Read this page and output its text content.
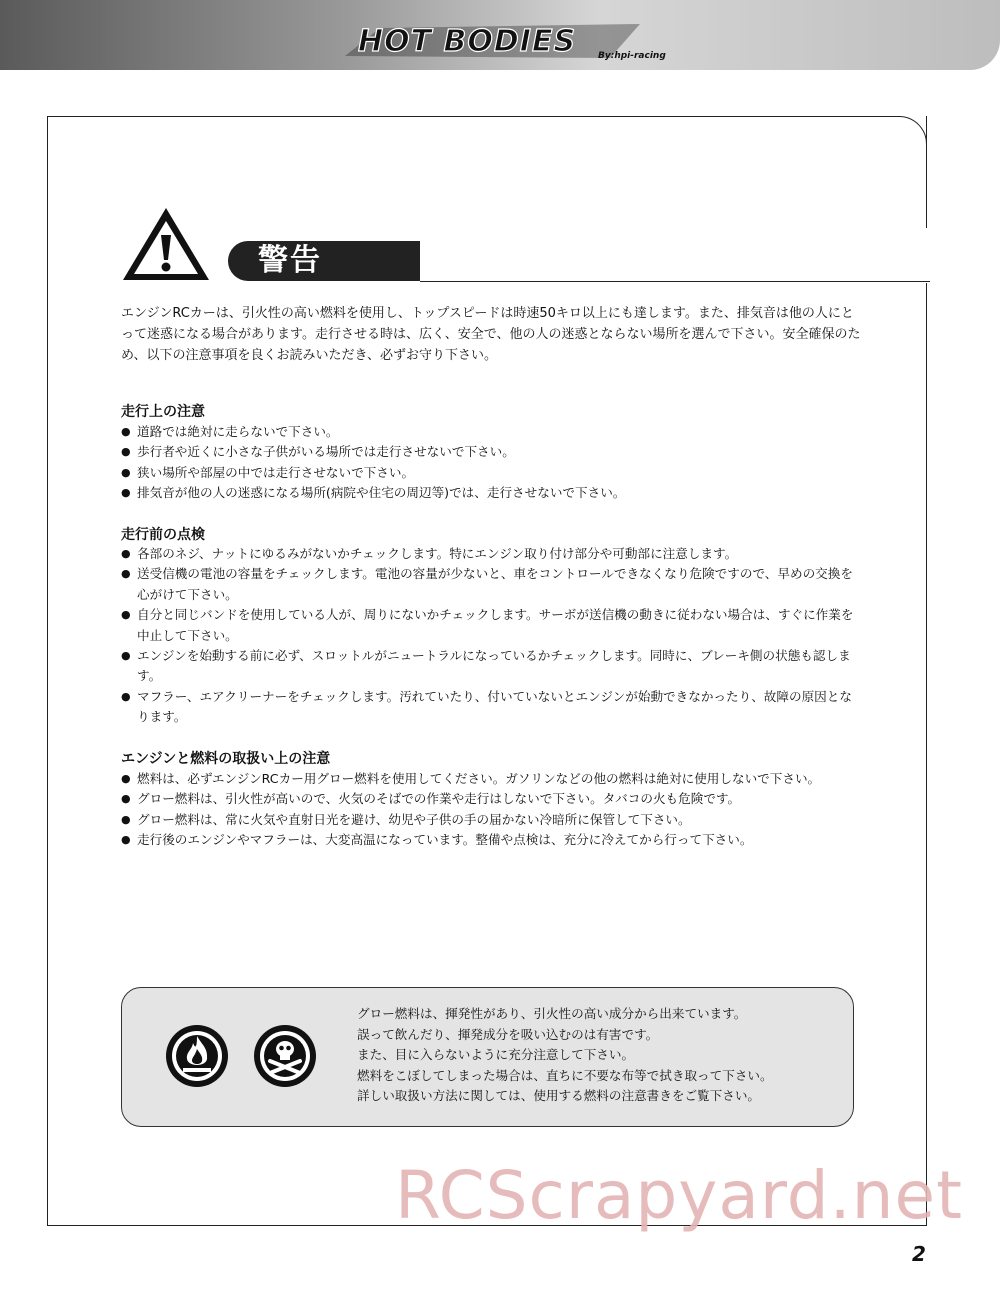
HOT BODIES By:hpi-racing
警告
エンジンRCカーは、引火性の高い燃料を使用し、トップスピードは時速50キロ以上にも達します。また、排気音は他の人にとって迷惑になる場合があります。走行させる時は、広く、安全で、他の人の迷惑とならない場所を選んで下さい。安全確保のため、以下の注意事項を良くお読みいただき、必ずお守り下さい。
走行上の注意
● 道路では絶対に走らないで下さい。
● 歩行者や近くに小さな子供がいる場所では走行させないで下さい。
● 狭い場所や部屋の中では走行させないで下さい。
● 排気音が他の人の迷惑になる場所(病院や住宅の周辺等)では、走行させないで下さい。
走行前の点検
● 各部のネジ、ナットにゆるみがないかチェックします。特にエンジン取り付け部分や可動部に注意します。
● 送受信機の電池の容量をチェックします。電池の容量が少ないと、車をコントロールできなくなり危険ですので、早めの交換を心がけて下さい。
● 自分と同じバンドを使用している人が、周りにないかチェックします。サーボが送信機の動きに従わない場合は、すぐに作業を中止して下さい。
● エンジンを始動する前に必ず、スロットルがニュートラルになっているかチェックします。同時に、ブレーキ側の状態も認します。
● マフラー、エアクリーナーをチェックします。汚れていたり、付いていないとエンジンが始動できなかったり、故障の原因となります。
エンジンと燃料の取扱い上の注意
● 燃料は、必ずエンジンRCカー用グロー燃料を使用してください。ガソリンなどの他の燃料は絶対に使用しないで下さい。
● グロー燃料は、引火性が高いので、火気のそばでの作業や走行はしないで下さい。タバコの火も危険です。
● グロー燃料は、常に火気や直射日光を避け、幼児や子供の手の届かない冷暗所に保管して下さい。
● 走行後のエンジンやマフラーは、大変高温になっています。整備や点検は、充分に冷えてから行って下さい。
グロー燃料は、揮発性があり、引火性の高い成分から出来ています。
誤って飲んだり、揮発成分を吸い込むのは有害です。
また、目に入らないように充分注意して下さい。
燃料をこぼしてしまった場合は、直ちに不要な布等で拭き取って下さい。
詳しい取扱い方法に関しては、使用する燃料の注意書きをご覧下さい。
RCScrapyard.net
2
